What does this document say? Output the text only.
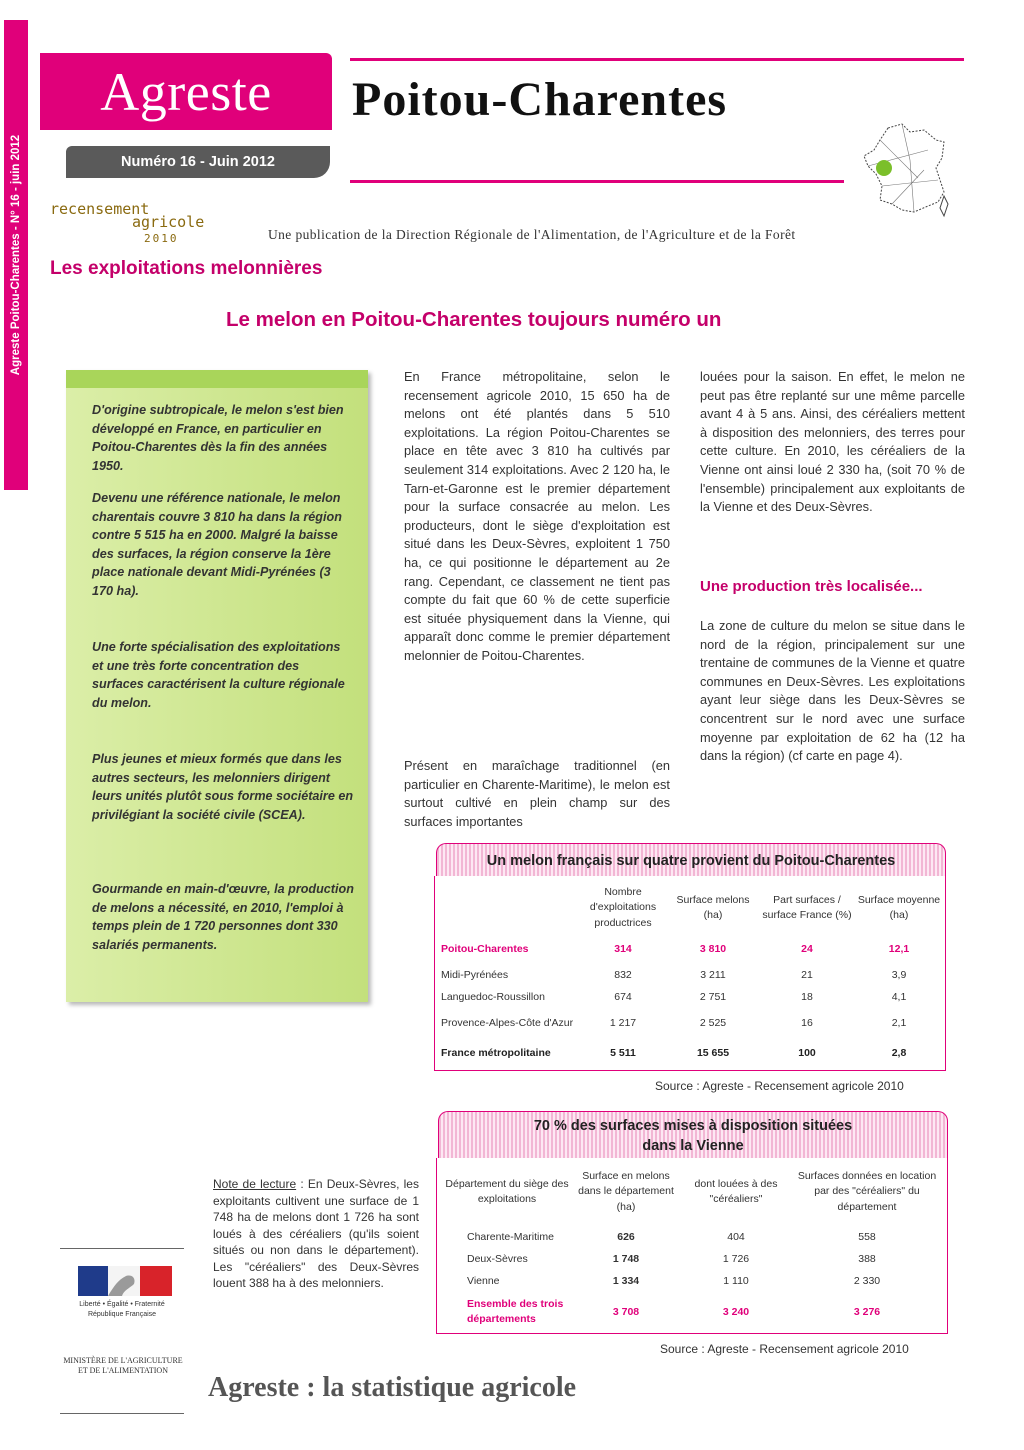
Agreste Poitou-Charentes - N° 16 - juin 2012
Agreste
Numéro 16 - Juin 2012
Poitou-Charentes
recensement
agricole
2010	Une publication de la Direction Régionale de l'Alimentation, de l'Agriculture et de la Forêt
Les exploitations melonnières
Le melon en Poitou-Charentes toujours numéro un

D'origine subtropicale, le melon s'est bien développé en France, en particulier en Poitou-Charentes dès la fin des années 1950.

Devenu une référence nationale, le melon charentais couvre 3 810 ha dans la région contre 5 515 ha en 2000. Malgré la baisse des surfaces, la région conserve la 1ère place nationale devant Midi-Pyrénées (3 170 ha).

Une forte spécialisation des exploitations et une très forte concentration des surfaces caractérisent la culture régionale du melon.

Plus jeunes et mieux formés que dans les autres secteurs, les melonniers dirigent leurs unités plutôt sous forme sociétaire en privilégiant la société civile (SCEA).

Gourmande en main-d'œuvre, la production de melons a nécessité, en 2010, l'emploi à temps plein de 1 720 personnes dont 330 salariés permanents.

En France métropolitaine, selon le recensement agricole 2010, 15 650 ha de melons ont été plantés dans 5 510 exploitations. La région Poitou-Charentes se place en tête avec 3 810 ha cultivés par seulement 314 exploitations. Avec 2 120 ha, le Tarn-et-Garonne est le premier département pour la surface consacrée au melon. Les producteurs, dont le siège d'exploitation est situé dans les Deux-Sèvres, exploitent 1 750 ha, ce qui positionne le département au 2e rang. Cependant, ce classement ne tient pas compte du fait que 60 % de cette superficie est située physiquement dans la Vienne, qui apparaît donc comme le premier département melonnier de Poitou-Charentes.

Présent en maraîchage traditionnel (en particulier en Charente-Maritime), le melon est surtout cultivé en plein champ sur des surfaces importantes

louées pour la saison. En effet, le melon ne peut pas être replanté sur une même parcelle avant 4 à 5 ans. Ainsi, des céréaliers mettent à disposition des melonniers, des terres pour cette culture. En 2010, les céréaliers de la Vienne ont ainsi loué 2 330 ha, (soit 70 % de l'ensemble) principalement aux exploitants de la Vienne et des Deux-Sèvres.

Une production très localisée...

La zone de culture du melon se situe dans le nord de la région, principalement sur une trentaine de communes de la Vienne et quatre communes en Deux-Sèvres. Les exploitations ayant leur siège dans les Deux-Sèvres se concentrent sur le nord avec une surface moyenne par exploitation de 62 ha (12 ha dans la région) (cf carte en page 4).

Un melon français sur quatre provient du Poitou-Charentes
	Nombre d'exploitations productrices	Surface melons (ha)	Part surfaces / surface France (%)	Surface moyenne (ha)
Poitou-Charentes	314	3 810	24	12,1
Midi-Pyrénées	832	3 211	21	3,9
Languedoc-Roussillon	674	2 751	18	4,1
Provence-Alpes-Côte d'Azur	1 217	2 525	16	2,1
France métropolitaine	5 511	15 655	100	2,8
Source : Agreste - Recensement agricole 2010
70 % des surfaces mises à disposition situées dans la Vienne
Département du siège des exploitations	Surface en melons dans le département (ha)	dont louées à des "céréaliers"	Surfaces données en location par des "céréaliers" du département
Charente-Maritime	626	404	558
Deux-Sèvres	1 748	1 726	388
Vienne	1 334	1 110	2 330
Ensemble des trois départements	3 708	3 240	3 276
Source : Agreste - Recensement agricole 2010

Note de lecture : En Deux-Sèvres, les exploitants cultivent une surface de 1 748 ha de melons dont 1 726 ha sont loués à des céréaliers (qu'ils soient situés ou non dans le département). Les "céréaliers" des Deux-Sèvres louent 388 ha à des melonniers.

Liberté • Égalité • Fraternité République Française
MINISTÈRE DE L'AGRICULTURE ET DE L'ALIMENTATION
Agreste : la statistique agricole
